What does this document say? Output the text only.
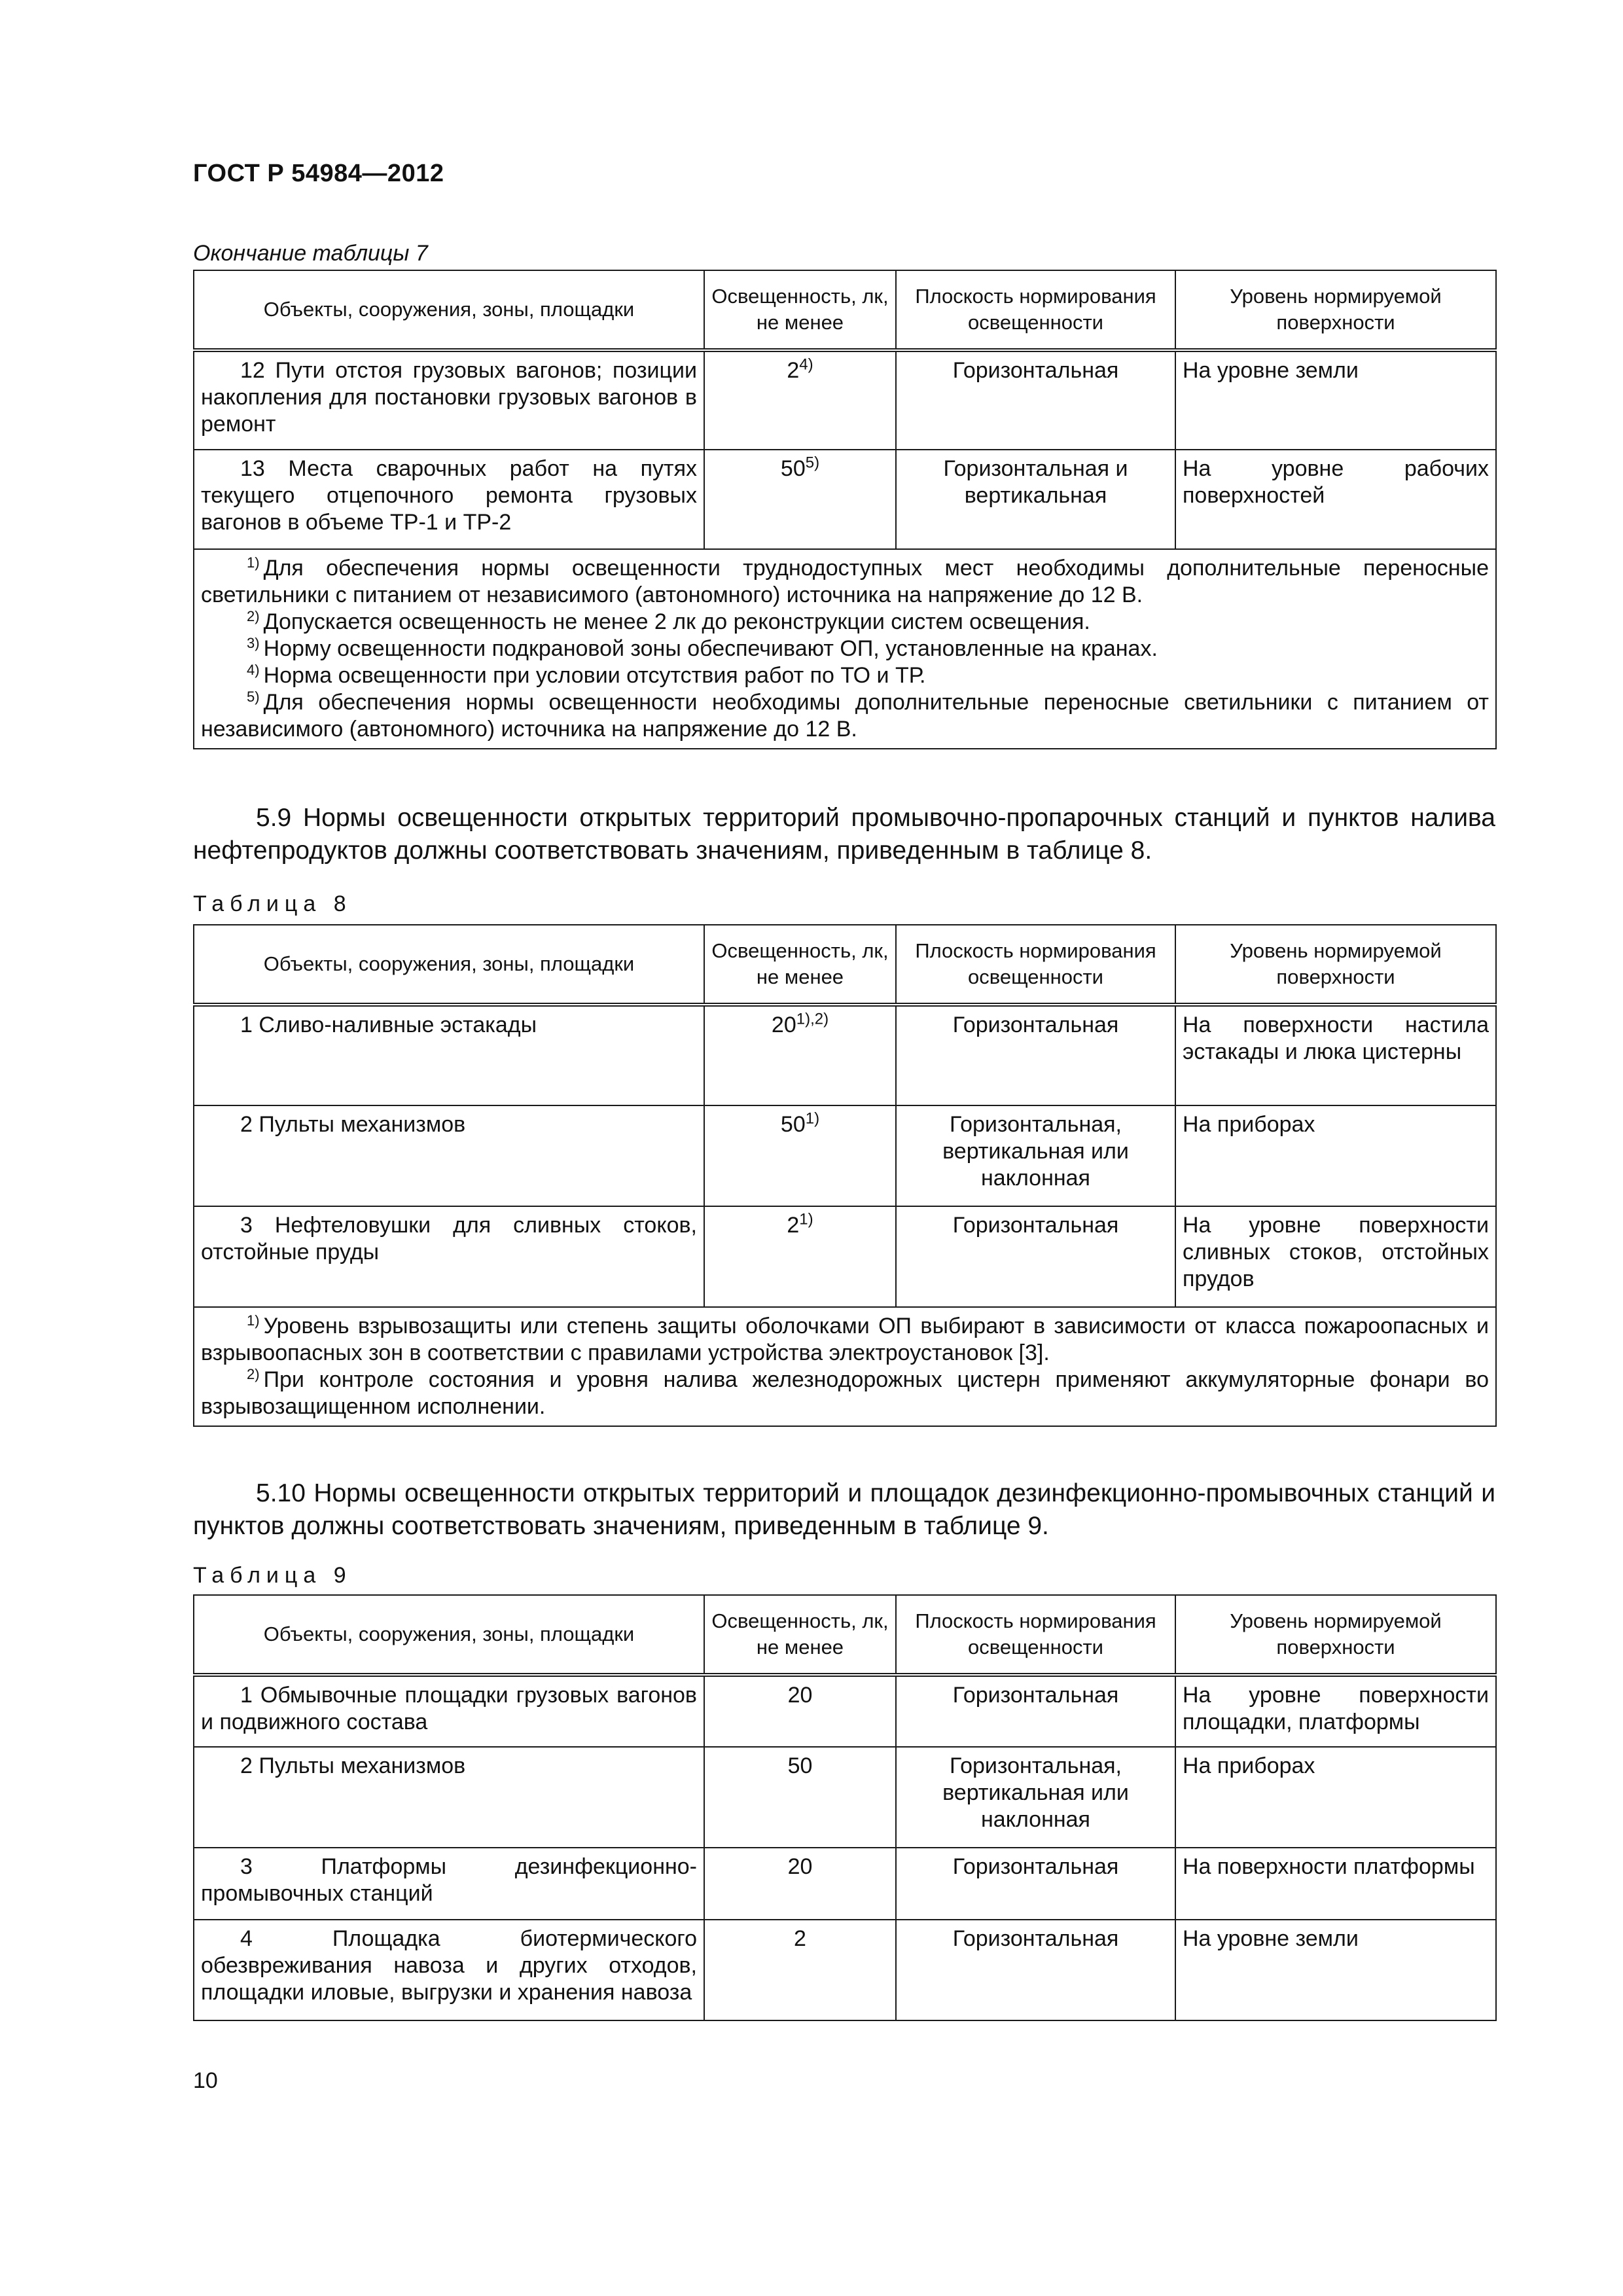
ГОСТ Р 54984—2012
Окончание таблицы 7
Объекты, сооружения, зоны, площадки	Освещенность, лк, не менее	Плоскость нормирования освещенности	Уровень нормируемой поверхности
12 Пути отстоя грузовых вагонов; позиции накопления для постановки грузовых вагонов в ремонт	2$^{4)}$	Горизонтальная	На уровне земли
13 Места сварочных работ на путях текущего отцепочного ремонта грузовых вагонов в объеме ТР-1 и ТР-2	50$^{5)}$	Горизонтальная и вертикальная	На уровне рабочих поверхностей

$^{1)}$ Для обеспечения нормы освещенности труднодоступных мест необходимы дополнительные переносные светильники с питанием от независимого (автономного) источника на напряжение до 12 В.
$^{2)}$ Допускается освещенность не менее 2 лк до реконструкции систем освещения.
$^{3)}$ Норму освещенности подкрановой зоны обеспечивают ОП, установленные на кранах.
$^{4)}$ Норма освещенности при условии отсутствия работ по ТО и ТР.
$^{5)}$ Для обеспечения нормы освещенности необходимы дополнительные переносные светильники с питанием от независимого (автономного) источника на напряжение до 12 В.			
5.9 Нормы освещенности открытых территорий промывочно-пропарочных станций и пунктов налива нефтепродуктов должны соответствовать значениям, приведенным в таблице 8.
Таблица 8
Объекты, сооружения, зоны, площадки	Освещенность, лк, не менее	Плоскость нормирования освещенности	Уровень нормируемой поверхности
1 Сливо-наливные эстакады	$20^{1),2)}$	Горизонтальная	На поверхности настила эстакады и люка цистерны
2 Пульты механизмов	50$^{1)}$	Горизонтальная, вертикальная или наклонная	На приборах
3 Нефтеловушки для сливных стоков, отстойные пруды	2$^{1)}$	Горизонтальная	На уровне поверхности сливных стоков, отстойных прудов

$^{1)}$ Уровень взрывозащиты или степень защиты оболочками ОП выбирают в зависимости от класса пожароопасных и взрывоопасных зон в соответствии с правилами устройства электроустановок [3].
$^{2)}$ При контроле состояния и уровня налива железнодорожных цистерн применяют аккумуляторные фонари во взрывозащищенном исполнении.			
5.10 Нормы освещенности открытых территорий и площадок дезинфекционно-промывочных станций и пунктов должны соответствовать значениям, приведенным в таблице 9.
Таблица 9
Объекты, сооружения, зоны, площадки	Освещенность, лк, не менее	Плоскость нормирования освещенности	Уровень нормируемой поверхности
1 Обмывочные площадки грузовых вагонов и подвижного состава	20	Горизонтальная	На уровне поверхности площадки, платформы
2 Пульты механизмов	50	Горизонтальная, вертикальная или наклонная	На приборах
3 Платформы дезинфекционно-промывочных станций	20	Горизонтальная	На поверхности платформы
4 Площадка биотермического обезвреживания навоза и других отходов, площадки иловые, выгрузки и хранения навоза	2	Горизонтальная	На уровне земли
10
